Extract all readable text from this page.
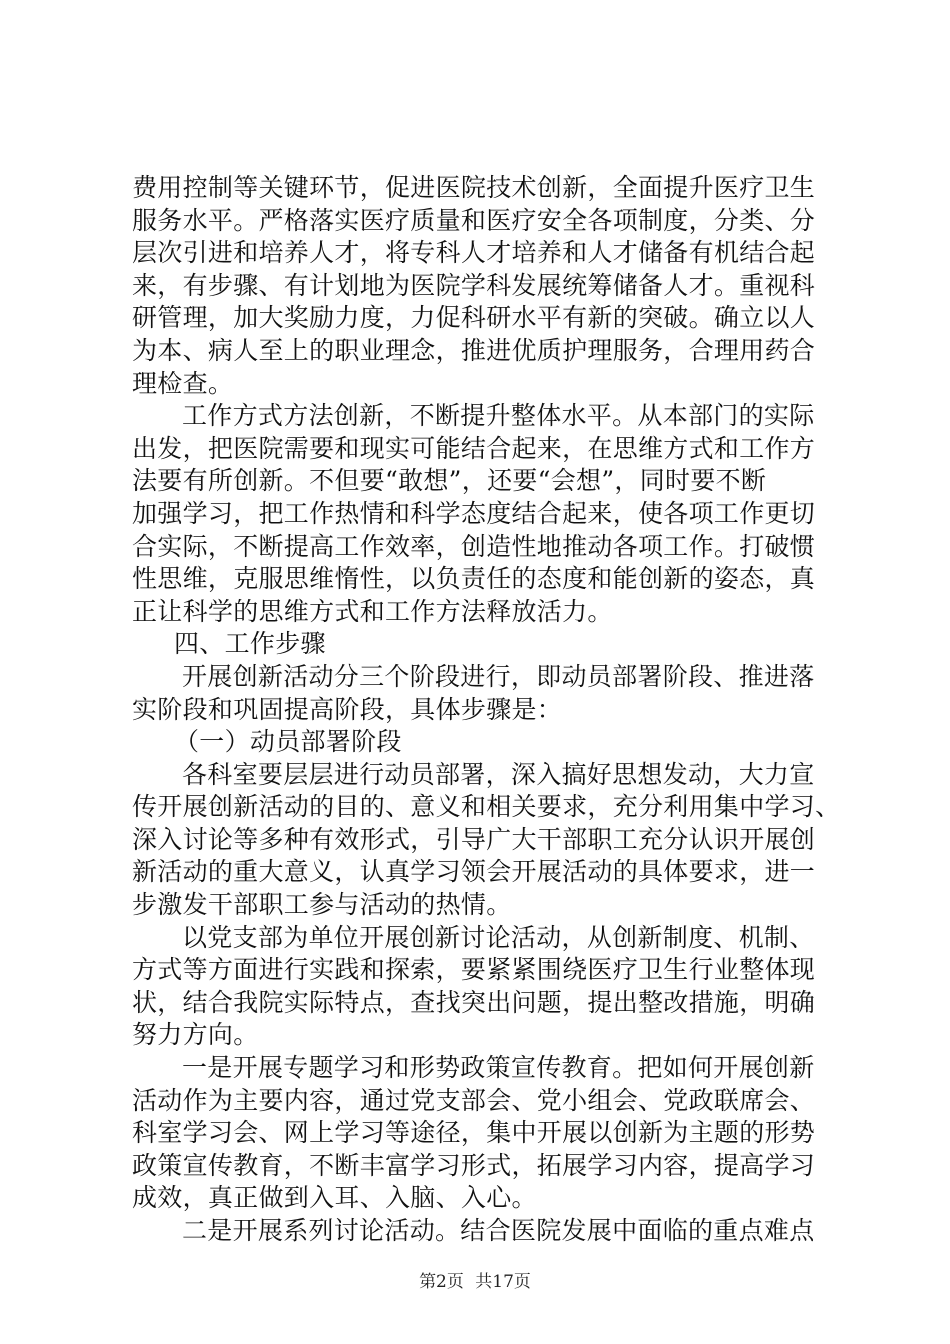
费用控制等关键环节，促进医院技术创新，全面提升医疗卫生
服务水平。严格落实医疗质量和医疗安全各项制度，分类、分
层次引进和培养人才，将专科人才培养和人才储备有机结合起
来，有步骤、有计划地为医院学科发展统筹储备人才。重视科
研管理，加大奖励力度，力促科研水平有新的突破。确立以人
为本、病人至上的职业理念，推进优质护理服务，合理用药合
理检查。
工作方式方法创新，不断提升整体水平。从本部门的实际
出发，把医院需要和现实可能结合起来，在思维方式和工作方
法要有所创新。不但要“敢想”，还要“会想”，同时要不断
加强学习，把工作热情和科学态度结合起来，使各项工作更切
合实际，不断提高工作效率，创造性地推动各项工作。打破惯
性思维，克服思维惰性，以负责任的态度和能创新的姿态，真
正让科学的思维方式和工作方法释放活力。
四、工作步骤
开展创新活动分三个阶段进行，即动员部署阶段、推进落
实阶段和巩固提高阶段，具体步骤是：
（一）动员部署阶段
各科室要层层进行动员部署，深入搞好思想发动，大力宣
传开展创新活动的目的、意义和相关要求，充分利用集中学习、
深入讨论等多种有效形式，引导广大干部职工充分认识开展创
新活动的重大意义，认真学习领会开展活动的具体要求，进一
步激发干部职工参与活动的热情。
以党支部为单位开展创新讨论活动，从创新制度、机制、
方式等方面进行实践和探索，要紧紧围绕医疗卫生行业整体现
状，结合我院实际特点，查找突出问题，提出整改措施，明确
努力方向。
一是开展专题学习和形势政策宣传教育。把如何开展创新
活动作为主要内容，通过党支部会、党小组会、党政联席会、
科室学习会、网上学习等途径，集中开展以创新为主题的形势
政策宣传教育，不断丰富学习形式，拓展学习内容，提高学习
成效，真正做到入耳、入脑、入心。
二是开展系列讨论活动。结合医院发展中面临的重点难点
第2页 共17页
